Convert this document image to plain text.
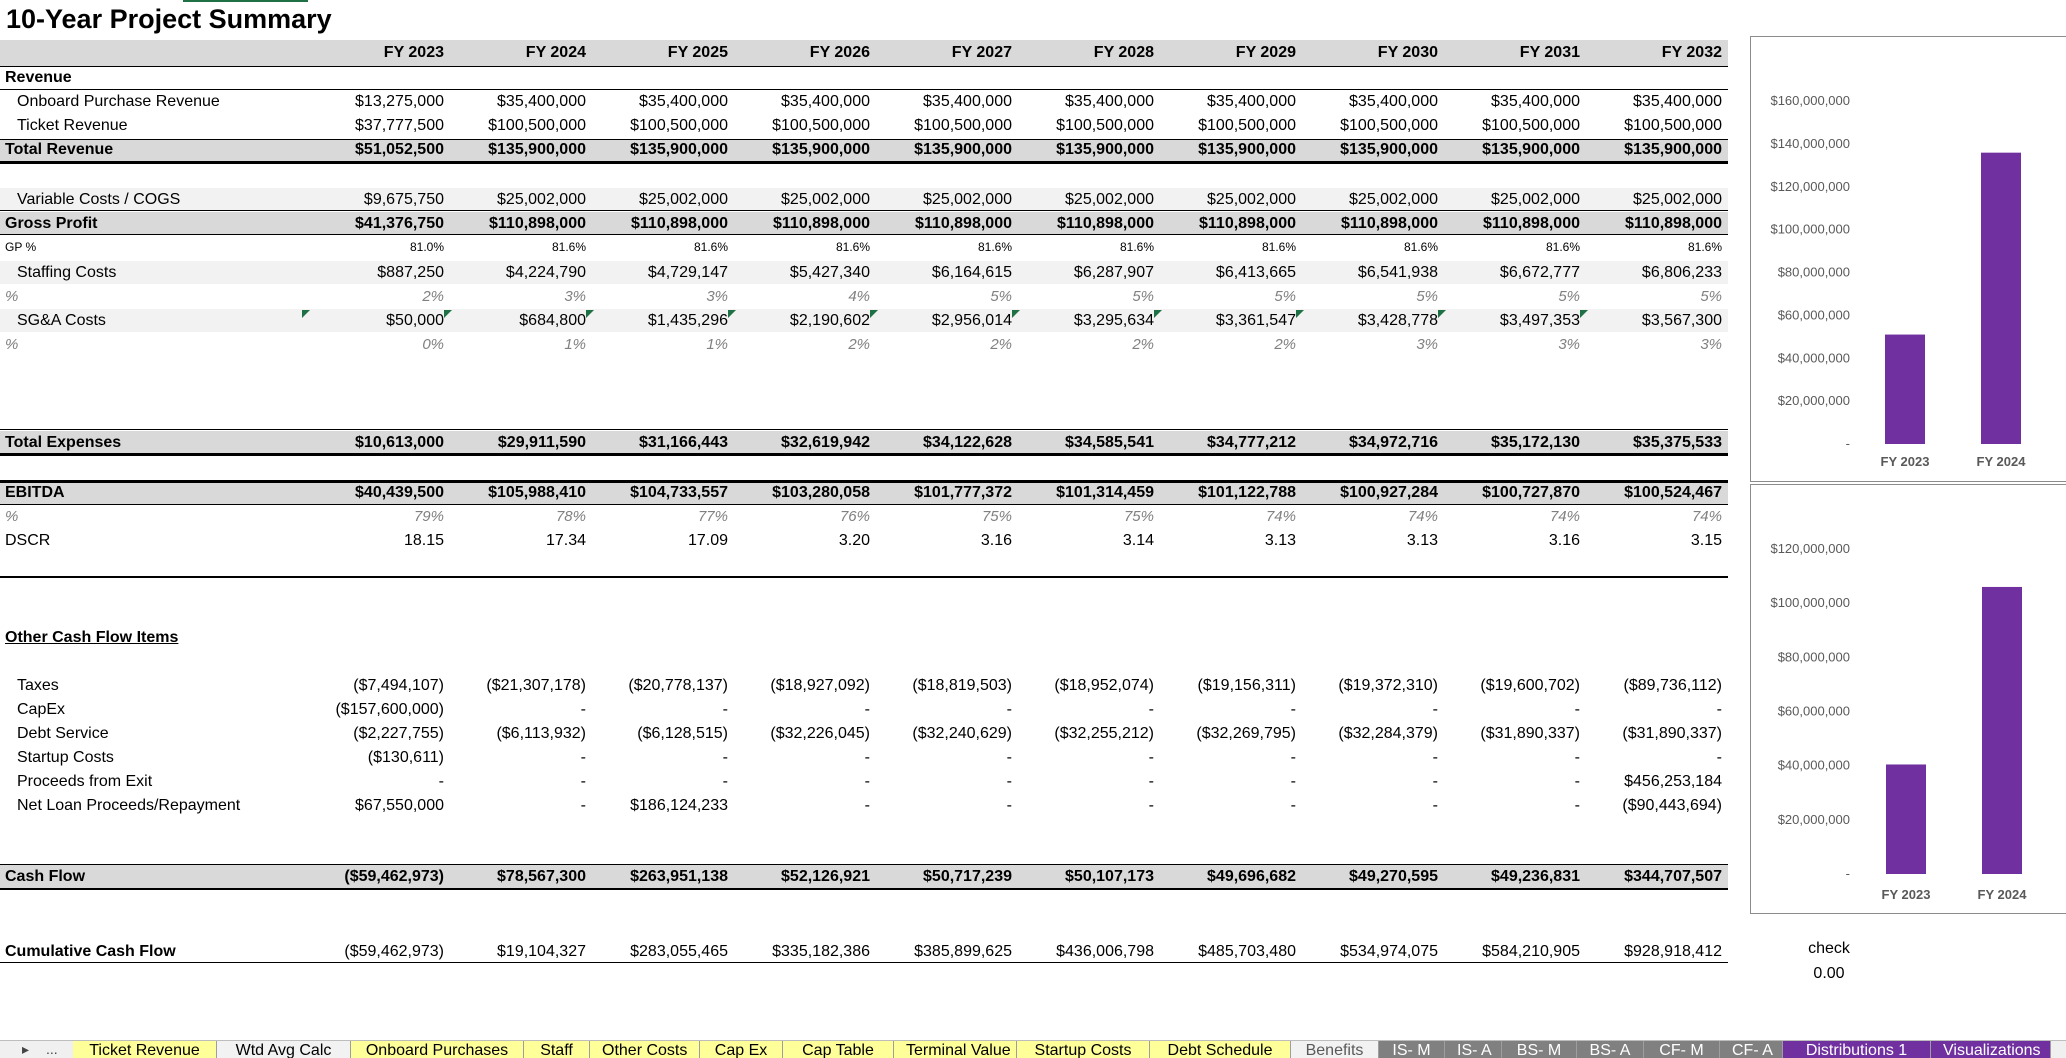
10-Year Project Summary
FY 2023	FY 2024	FY 2025	FY 2026	FY 2027	FY 2028	FY 2029	FY 2030	FY 2031	FY 2032
Revenue
Onboard Purchase Revenue	$13,275,000	$35,400,000	$35,400,000	$35,400,000	$35,400,000	$35,400,000	$35,400,000	$35,400,000	$35,400,000	$35,400,000
Ticket Revenue	$37,777,500	$100,500,000	$100,500,000	$100,500,000	$100,500,000	$100,500,000	$100,500,000	$100,500,000	$100,500,000	$100,500,000
Total Revenue	$51,052,500	$135,900,000	$135,900,000	$135,900,000	$135,900,000	$135,900,000	$135,900,000	$135,900,000	$135,900,000	$135,900,000
Variable Costs / COGS	$9,675,750	$25,002,000	$25,002,000	$25,002,000	$25,002,000	$25,002,000	$25,002,000	$25,002,000	$25,002,000	$25,002,000
Gross Profit	$41,376,750	$110,898,000	$110,898,000	$110,898,000	$110,898,000	$110,898,000	$110,898,000	$110,898,000	$110,898,000	$110,898,000
GP %	81.0%	81.6%	81.6%	81.6%	81.6%	81.6%	81.6%	81.6%	81.6%	81.6%
Staffing Costs	$887,250	$4,224,790	$4,729,147	$5,427,340	$6,164,615	$6,287,907	$6,413,665	$6,541,938	$6,672,777	$6,806,233
%	2%	3%	3%	4%	5%	5%	5%	5%	5%	5%
SG&A Costs	$50,000	$684,800	$1,435,296	$2,190,602	$2,956,014	$3,295,634	$3,361,547	$3,428,778	$3,497,353	$3,567,300
%	0%	1%	1%	2%	2%	2%	2%	3%	3%	3%
Total Expenses	$10,613,000	$29,911,590	$31,166,443	$32,619,942	$34,122,628	$34,585,541	$34,777,212	$34,972,716	$35,172,130	$35,375,533
EBITDA	$40,439,500	$105,988,410	$104,733,557	$103,280,058	$101,777,372	$101,314,459	$101,122,788	$100,927,284	$100,727,870	$100,524,467
%	79%	78%	77%	76%	75%	75%	74%	74%	74%	74%
DSCR	18.15	17.34	17.09	3.20	3.16	3.14	3.13	3.13	3.16	3.15
Other Cash Flow Items
Taxes	($7,494,107)	($21,307,178)	($20,778,137)	($18,927,092)	($18,819,503)	($18,952,074)	($19,156,311)	($19,372,310)	($19,600,702)	($89,736,112)
CapEx	($157,600,000)	-	-	-	-	-	-	-	-	-
Debt Service	($2,227,755)	($6,113,932)	($6,128,515)	($32,226,045)	($32,240,629)	($32,255,212)	($32,269,795)	($32,284,379)	($31,890,337)	($31,890,337)
Startup Costs	($130,611)	-	-	-	-	-	-	-	-	-
Proceeds from Exit	-	-	-	-	-	-	-	-	-	$456,253,184
Net Loan Proceeds/Repayment	$67,550,000	-	$186,124,233	-	-	-	-	-	-	($90,443,694)
Cash Flow	($59,462,973)	$78,567,300	$263,951,138	$52,126,921	$50,717,239	$50,107,173	$49,696,682	$49,270,595	$49,236,831	$344,707,507
Cumulative Cash Flow	($59,462,973)	$19,104,327	$283,055,465	$335,182,386	$385,899,625	$436,006,798	$485,703,480	$534,974,075	$584,210,905	$928,918,412
-
$20,000,000
$40,000,000
$60,000,000
$80,000,000
$100,000,000
$120,000,000
$140,000,000
$160,000,000
FY 2023	FY 2024
-
$20,000,000
$40,000,000
$60,000,000
$80,000,000
$100,000,000
$120,000,000
FY 2023	FY 2024
check
0.00
▸ ...	Ticket Revenue	Wtd Avg Calc	Onboard Purchases	Staff	Other Costs	Cap Ex	Cap Table	Terminal Value	Startup Costs	Debt Schedule	Benefits	IS- M	IS- A	BS- M	BS- A	CF- M	CF- A	Distributions 1	Visualizations
